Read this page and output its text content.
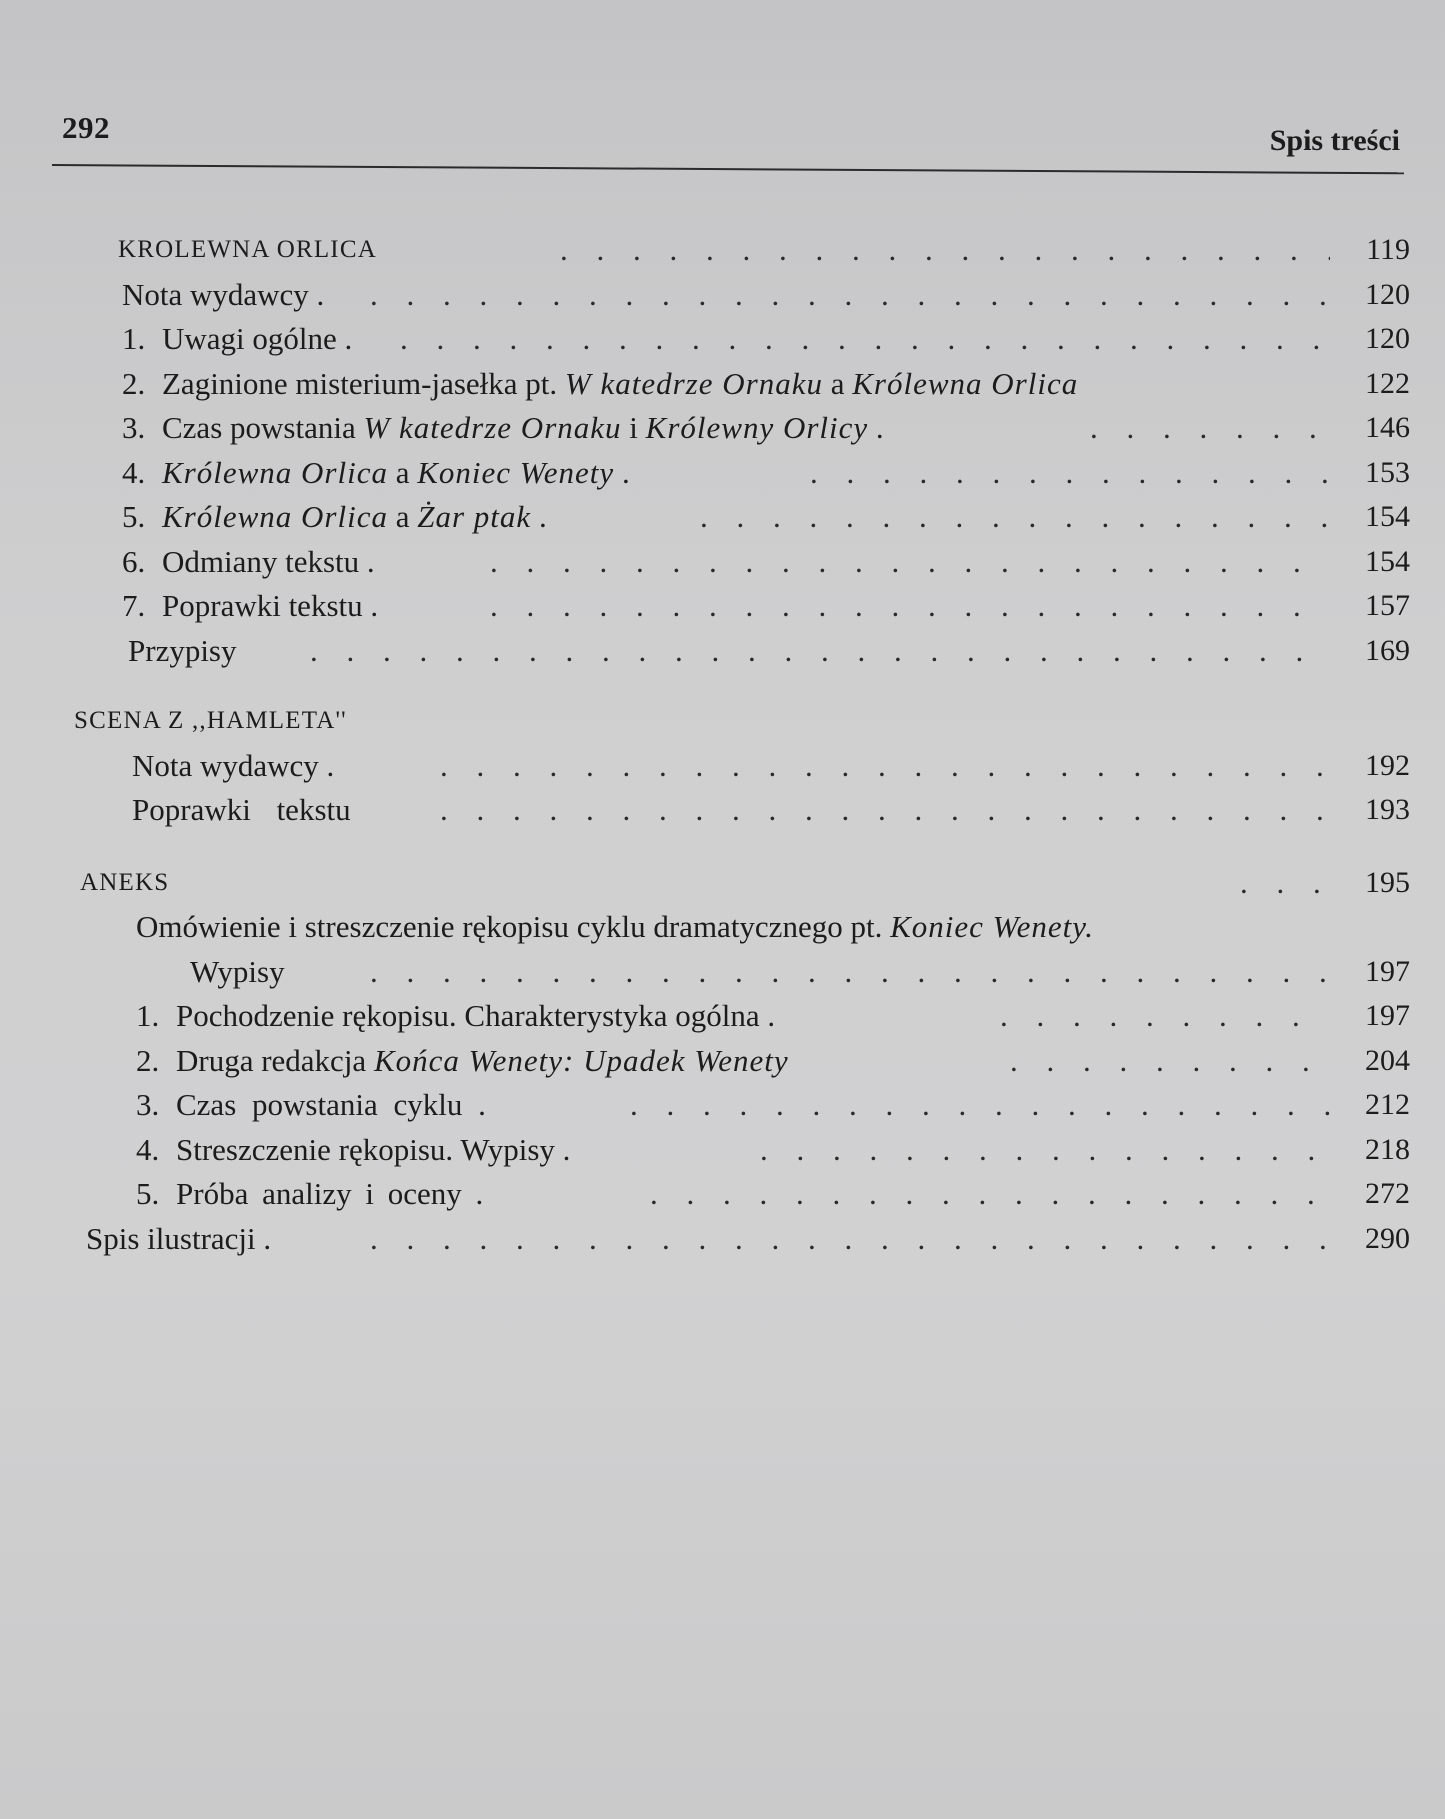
292	Spis treści
KROLEWNA ORLICA . . .	119
Nota wydawcy . . . .	120
1. Uwagi ogólne . . . .	120
2. Zaginione misterium-jasełka pt. W katedrze Ornaku a Królewna Orlica	122
3. Czas powstania W katedrze Ornaku i Królewny Orlicy . . . .	146
4. Królewna Orlica a Koniec Wenety . . . .	153
5. Królewna Orlica a Żar ptak . . . .	154
6. Odmiany tekstu . . . .	154
7. Poprawki tekstu . . . .	157
Przypisy . . .	169
SCENA Z ,,HAMLETA''
Nota wydawcy . . . .	192
Poprawki tekstu . . .	193
ANEKS . . .	195
Omówienie i streszczenie rękopisu cyklu dramatycznego pt. Koniec Wenety.
Wypisy . . .	197
1. Pochodzenie rękopisu. Charakterystyka ogólna . . . .	197
2. Druga redakcja Końca Wenety: Upadek Wenety . . .	204
3. Czas powstania cyklu . . . .	212
4. Streszczenie rękopisu. Wypisy . . . .	218
5. Próba analizy i oceny . . . .	272
Spis ilustracji . . . .	290
